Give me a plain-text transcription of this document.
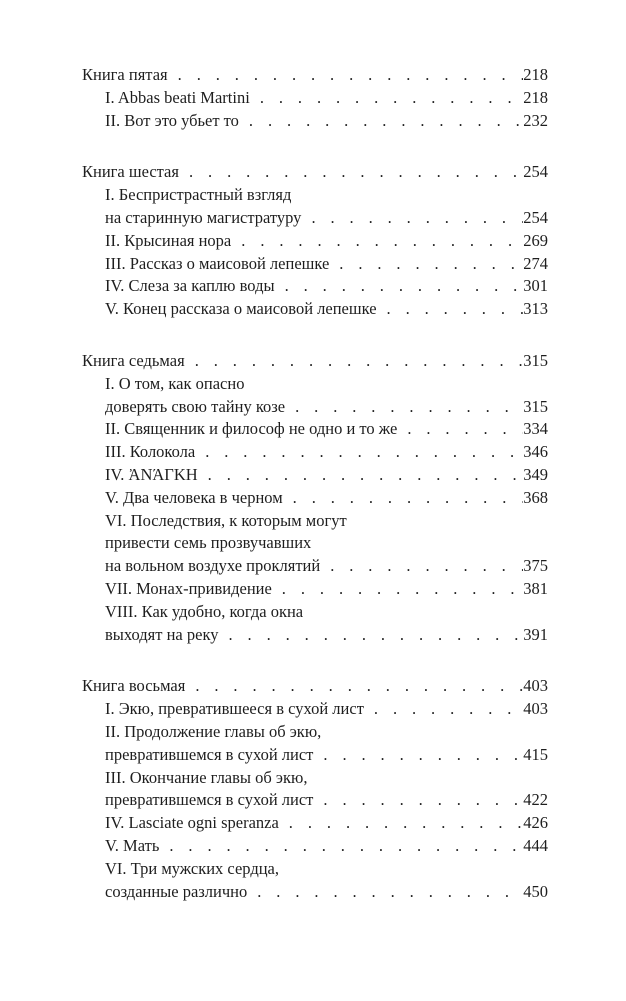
Книга пятая . . .	218
I. Abbas beati Martini . . .	218
II. Вот это убьет то . . .	232
Книга шестая . . .	254
I. Беспристрастный взгляд
на старинную магистратуру . . .	254
II. Крысиная нора . . .	269
III. Рассказ о маисовой лепешке . . .	274
IV. Слеза за каплю воды . . .	301
V. Конец рассказа о маисовой лепешке . . .	313
Книга седьмая . . .	315
I. О том, как опасно
доверять свою тайну козе . . .	315
II. Священник и философ не одно и то же . . .	334
III. Колокола . . .	346
IV. ἈΝΆΓΚΗ . . .	349
V. Два человека в черном . . .	368
VI. Последствия, к которым могут
привести семь прозвучавших
на вольном воздухе проклятий . . .	375
VII. Монах-привидение . . .	381
VIII. Как удобно, когда окна
выходят на реку . . .	391
Книга восьмая . . .	403
I. Экю, превратившееся в сухой лист . . .	403
II. Продолжение главы об экю,
превратившемся в сухой лист . . .	415
III. Окончание главы об экю,
превратившемся в сухой лист . . .	422
IV. Lasciate ogni speranza . . .	426
V. Мать . . .	444
VI. Три мужских сердца,
созданные различно . . .	450
